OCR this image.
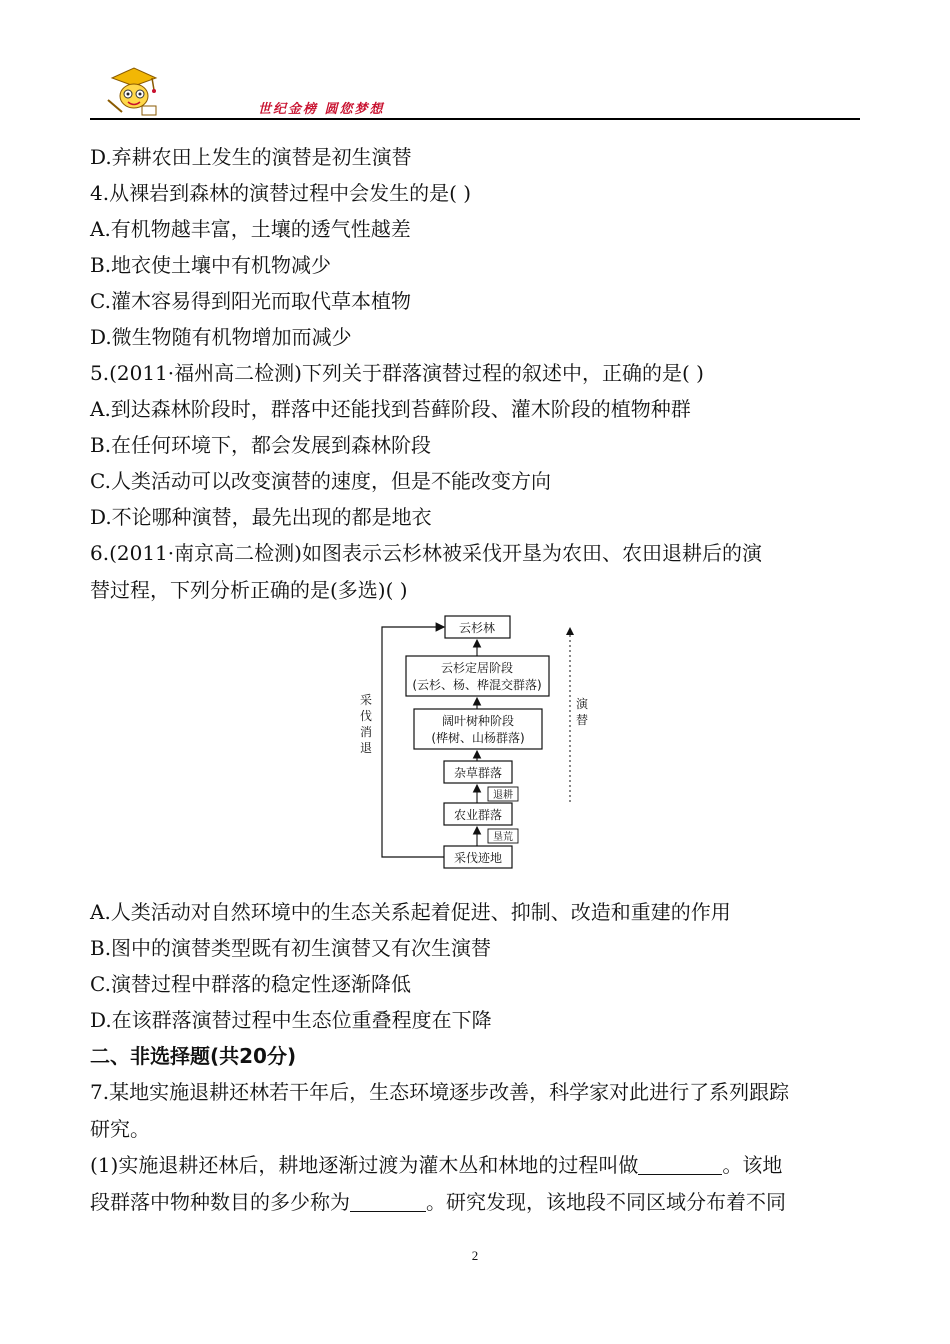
世纪金榜 圆您梦想
D.弃耕农田上发生的演替是初生演替
4.从裸岩到森林的演替过程中会发生的是( )
A.有机物越丰富，土壤的透气性越差
B.地衣使土壤中有机物减少
C.灌木容易得到阳光而取代草本植物
D.微生物随有机物增加而减少
5.(2011·福州高二检测)下列关于群落演替过程的叙述中，正确的是( )
A.到达森林阶段时，群落中还能找到苔藓阶段、灌木阶段的植物种群
B.在任何环境下，都会发展到森林阶段
C.人类活动可以改变演替的速度，但是不能改变方向
D.不论哪种演替，最先出现的都是地衣
6.(2011·南京高二检测)如图表示云杉林被采伐开垦为农田、农田退耕后的演
替过程，下列分析正确的是(多选)( )
云杉林
云杉定居阶段
(云杉、杨、桦混交群落)
阔叶树种阶段
(桦树、山杨群落)
杂草群落
农业群落
采伐迹地
退耕
垦荒
采
伐
消
退
演
替
A.人类活动对自然环境中的生态关系起着促进、抑制、改造和重建的作用
B.图中的演替类型既有初生演替又有次生演替
C.演替过程中群落的稳定性逐渐降低
D.在该群落演替过程中生态位重叠程度在下降
二、非选择题(共20分)
7.某地实施退耕还林若干年后，生态环境逐步改善，科学家对此进行了系列跟踪
研究。
(1)实施退耕还林后，耕地逐渐过渡为灌木丛和林地的过程叫做	。该地
段群落中物种数目的多少称为	。研究发现，该地段不同区域分布着不同
2
